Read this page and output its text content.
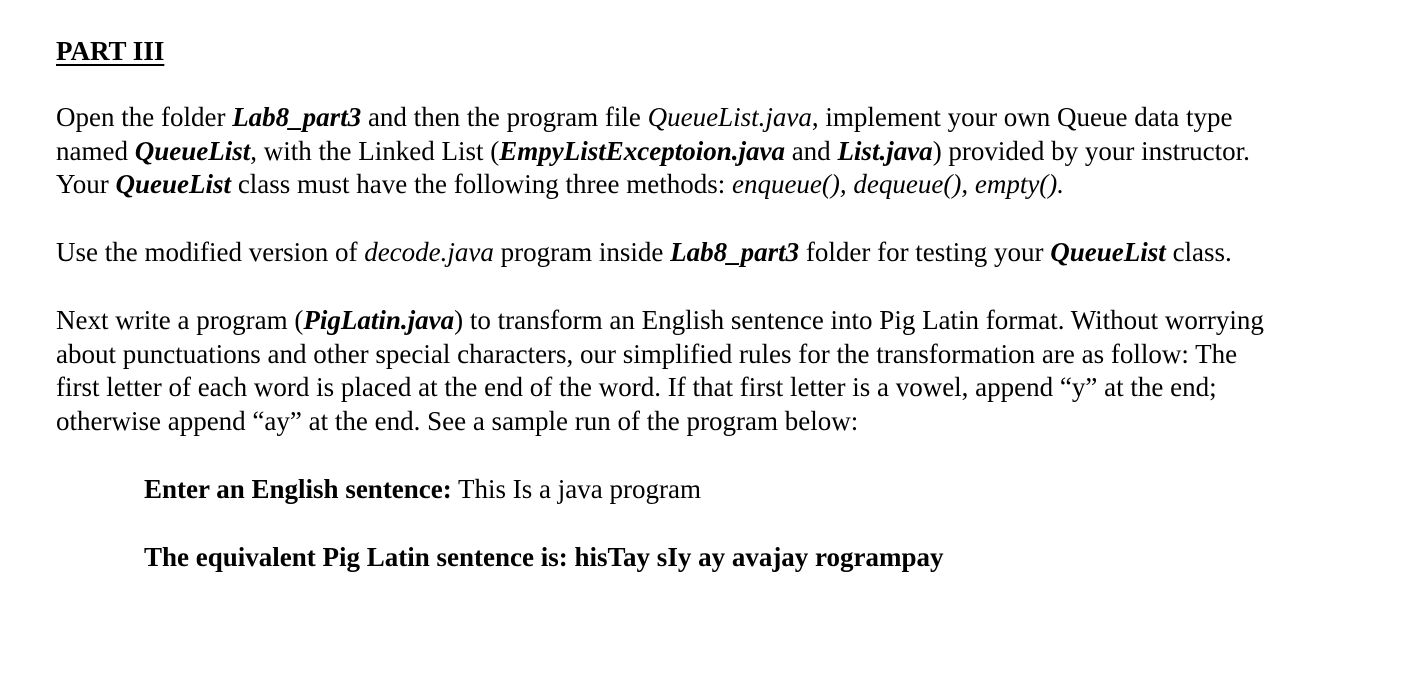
PART III

Open the folder Lab8_part3 and then the program file QueueList.java, implement your own Queue data type
named QueueList, with the Linked List (EmpyListExceptoion.java and List.java) provided by your instructor.
Your QueueList class must have the following three methods: enqueue(), dequeue(), empty().

Use the modified version of decode.java program inside Lab8_part3 folder for testing your QueueList class.

Next write a program (PigLatin.java) to transform an English sentence into Pig Latin format. Without worrying
about punctuations and other special characters, our simplified rules for the transformation are as follow: The
first letter of each word is placed at the end of the word. If that first letter is a vowel, append “y” at the end;
otherwise append “ay” at the end. See a sample run of the program below:

Enter an English sentence: This Is a java program
The equivalent Pig Latin sentence is: hisTay sIy ay avajay rogrampay
